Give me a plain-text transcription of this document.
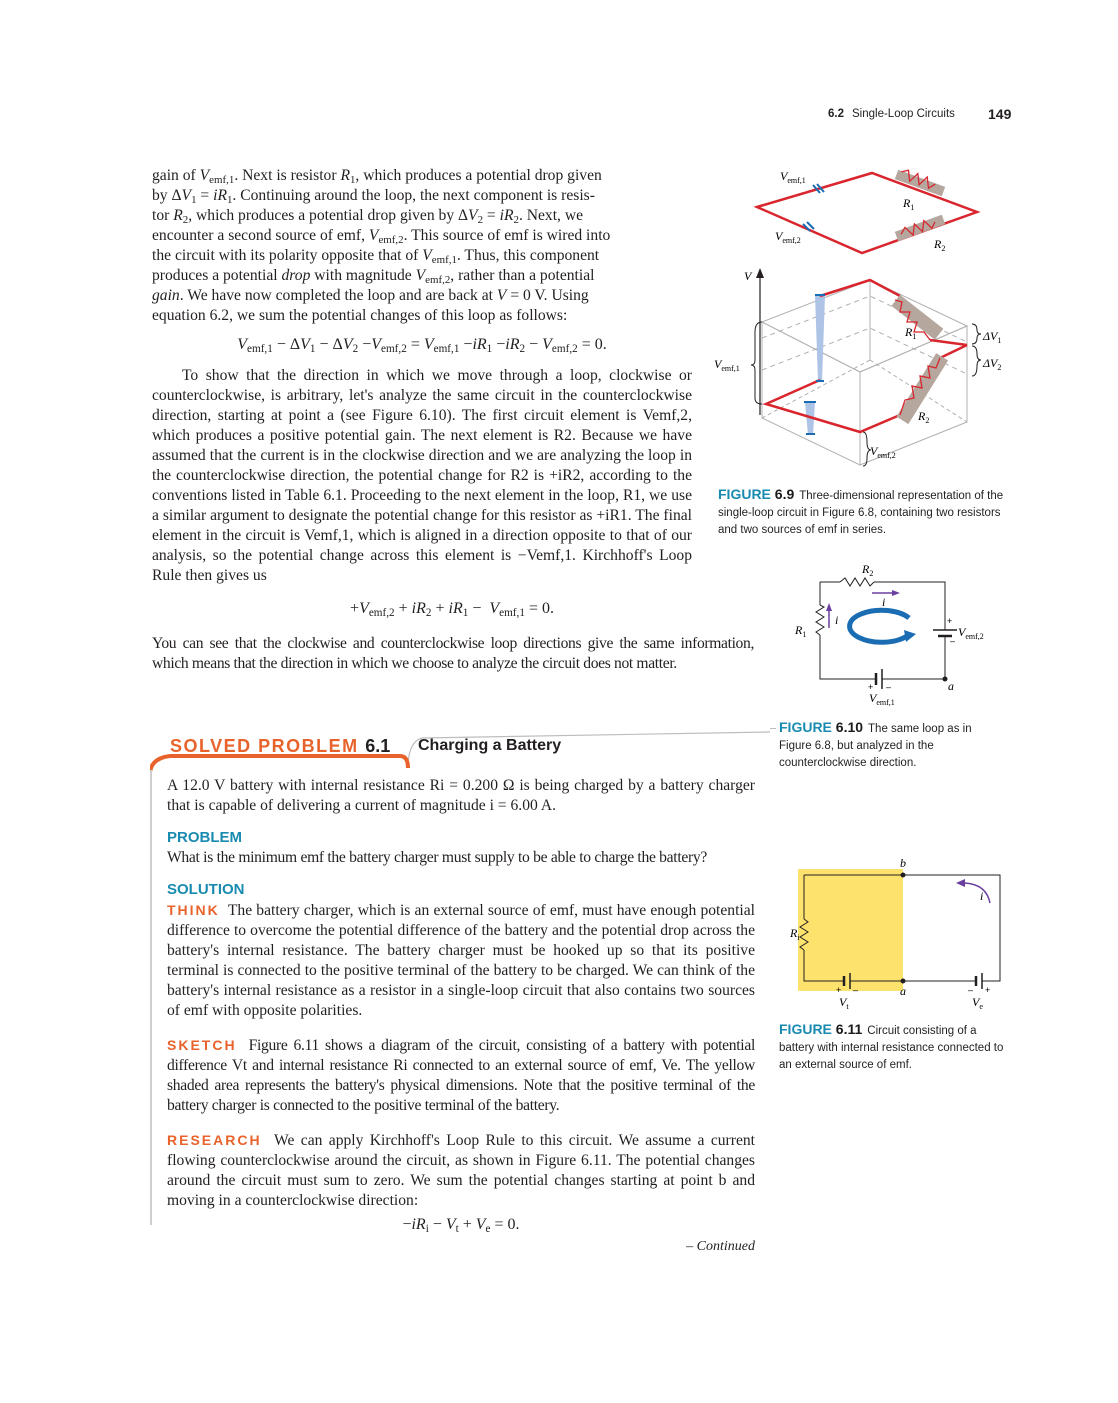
6.2 Single-Loop Circuits 149

gain of $V_{emf,1}$. Next is resistor $R_1$, which produces a potential drop given

by $\Delta V_1 = iR_1$. Continuing around the loop, the next component is resis-

tor $R_2$, which produces a potential drop given by $\Delta V_2 = iR_2$. Next, we

encounter a second source of emf, $V_{emf,2}$. This source of emf is wired into

the circuit with its polarity opposite that of $V_{emf,1}$. Thus, this component

produces a potential drop with magnitude $V_{emf,2}$, rather than a potential

gain. We have now completed the loop and are back at V = 0 V. Using

equation 6.2, we sum the potential changes of this loop as follows:

$V_{emf,1} - \Delta V_1 - \Delta V_2 -V_{emf,2} = V_{emf,1} -iR_1 -iR_2 - V_{emf,2} = 0$.

To show that the direction in which we move through a loop, clockwise or counterclockwise, is arbitrary, let's analyze the same circuit in the counterclockwise direction, starting at point a (see Figure 6.10). The first circuit element is Vemf,2, which produces a positive potential gain. The next element is R2. Because we have assumed that the current is in the clockwise direction and we are analyzing the loop in the counterclockwise direction, the potential change for R2 is +iR2, according to the conventions listed in Table 6.1. Proceeding to the next element in the loop, R1, we use a similar argument to designate the potential change for this resistor as +iR1. The final element in the circuit is Vemf,1, which is aligned in a direction opposite to that of our analysis, so the potential change across this element is −Vemf,1. Kirchhoff's Loop Rule then gives us

$+V_{emf,2} + iR_2 + iR_1 - V_{emf,1} = 0$.

You can see that the clockwise and counterclockwise loop directions give the same information, which means that the direction in which we choose to analyze the circuit does not matter.

SOLVED PROBLEM 6.1 Charging a Battery

A 12.0 V battery with internal resistance Ri = 0.200 Ω is being charged by a battery charger that is capable of delivering a current of magnitude i = 6.00 A.

PROBLEM

What is the minimum emf the battery charger must supply to be able to charge the battery?

SOLUTION

THINK The battery charger, which is an external source of emf, must have enough potential difference to overcome the potential difference of the battery and the potential drop across the battery's internal resistance. The battery charger must be hooked up so that its positive terminal is connected to the positive terminal of the battery to be charged. We can think of the battery's internal resistance as a resistor in a single-loop circuit that also contains two sources of emf with opposite polarities.

SKETCH Figure 6.11 shows a diagram of the circuit, consisting of a battery with potential difference Vt and internal resistance Ri connected to an external source of emf, Ve. The yellow shaded area represents the battery's physical dimensions. Note that the positive terminal of the battery charger is connected to the positive terminal of the battery.

RESEARCH We can apply Kirchhoff's Loop Rule to this circuit. We assume a current flowing counterclockwise around the circuit, as shown in Figure 6.11. The potential changes around the circuit must sum to zero. We sum the potential changes starting at point b and moving in a counterclockwise direction:

$-iR_i - V_t + V_e = 0$.
– Continued
$V_{emf,1}$
$V_{emf,2}$
$R_1$
$R_2$
V
$V_{emf,1}$
$\Delta V_1$
$\Delta V_2$
$V_{emf,2}$
$R_1$
$R_2$
FIGURE 6.9 Three-dimensional representation of the single-loop circuit in Figure 6.8, containing two resistors and two sources of emf in series.
$R_2$
i
$R_1$
i
$V_{emf,2}$
+
–
+ –
$V_{emf,1}$
a
FIGURE 6.10 The same loop as in Figure 6.8, but analyzed in the counterclockwise direction.
b
i
$R_i$
a
+ –
$V_t$
– +
$V_e$
FIGURE 6.11 Circuit consisting of a battery with internal resistance connected to an external source of emf.
